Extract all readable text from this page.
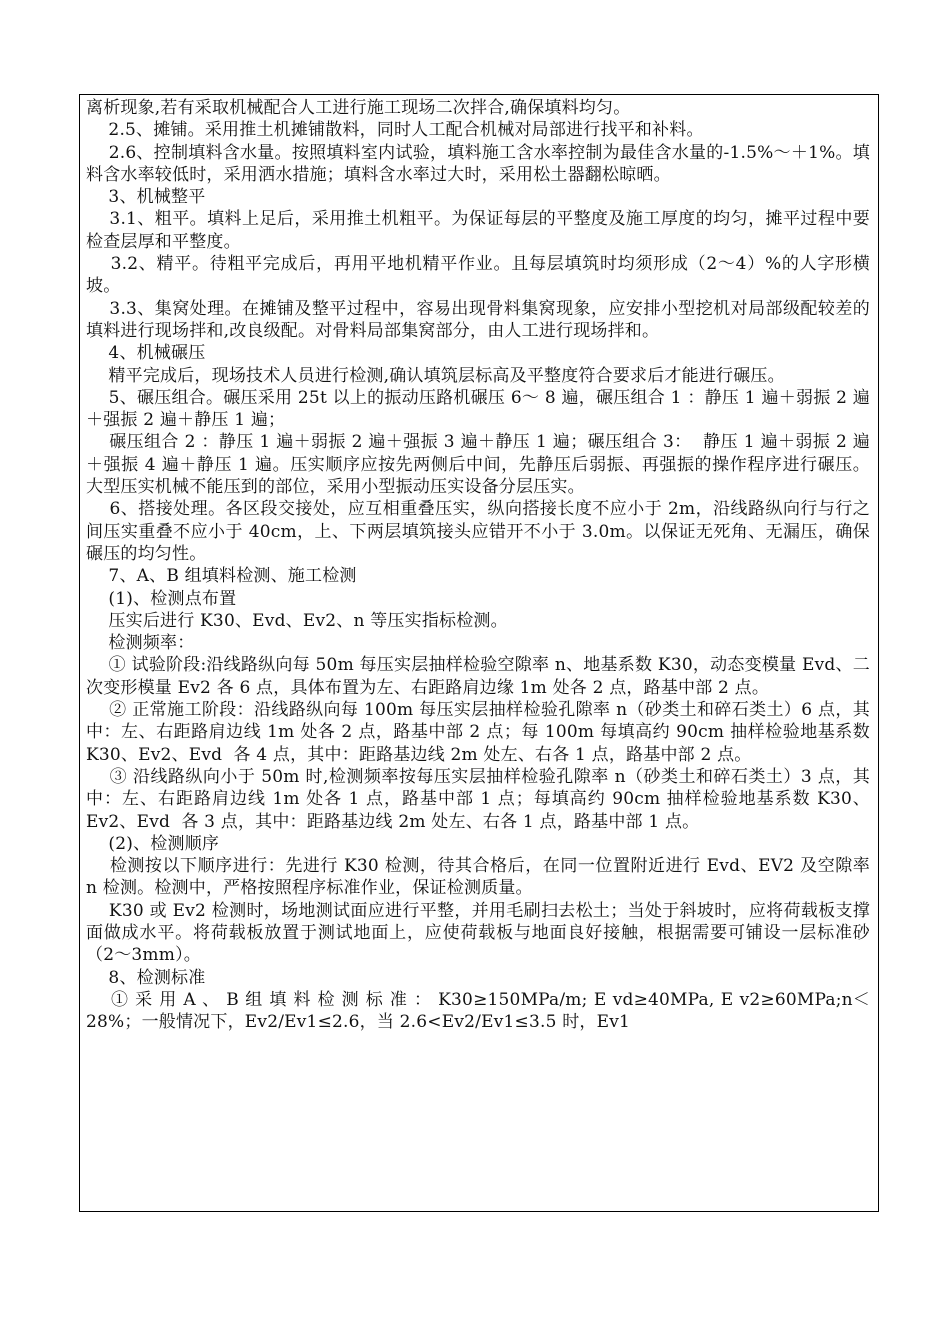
离析现象,若有采取机械配合人工进行施工现场二次拌合,确保填料均匀。

2.5、摊铺。采用推土机摊铺散料，同时人工配合机械对局部进行找平和补料。

2.6、控制填料含水量。按照填料室内试验，填料施工含水率控制为最佳含水量的-1.5%～＋1%。填料含水率较低时，采用洒水措施；填料含水率过大时，采用松土器翻松晾晒。

3、机械整平

3.1、粗平。填料上足后，采用推土机粗平。为保证每层的平整度及施工厚度的均匀，摊平过程中要检查层厚和平整度。

3.2、精平。待粗平完成后，再用平地机精平作业。且每层填筑时均须形成（2～4）%的人字形横坡。

3.3、集窝处理。在摊铺及整平过程中，容易出现骨料集窝现象，应安排小型挖机对局部级配较差的填料进行现场拌和,改良级配。对骨料局部集窝部分，由人工进行现场拌和。

4、机械碾压

精平完成后，现场技术人员进行检测,确认填筑层标高及平整度符合要求后才能进行碾压。

5、碾压组合。碾压采用 25t 以上的振动压路机碾压 6～ 8 遍，碾压组合 1 ：静压 1 遍＋弱振 2 遍＋强振 2 遍＋静压 1 遍；

碾压组合 2 ：静压 1 遍＋弱振 2 遍＋强振 3 遍＋静压 1 遍；碾压组合 3：  静压 1 遍＋弱振 2 遍＋强振 4 遍＋静压 1 遍。压实顺序应按先两侧后中间，先静压后弱振、再强振的操作程序进行碾压。大型压实机械不能压到的部位，采用小型振动压实设备分层压实。

6、搭接处理。各区段交接处，应互相重叠压实，纵向搭接长度不应小于 2m，沿线路纵向行与行之间压实重叠不应小于 40cm，上、下两层填筑接头应错开不小于 3.0m。以保证无死角、无漏压，确保碾压的均匀性。

7、A、B 组填料检测、施工检测

(1)、检测点布置

压实后进行 K30、Evd、Ev2、n 等压实指标检测。

检测频率：

① 试验阶段:沿线路纵向每 50m 每压实层抽样检验空隙率 n、地基系数 K30，动态变模量 Evd、二次变形模量 Ev2 各 6 点，具体布置为左、右距路肩边缘 1m 处各 2 点，路基中部 2 点。

② 正常施工阶段：沿线路纵向每 100m 每压实层抽样检验孔隙率 n（砂类土和碎石类土）6 点，其中：左、右距路肩边线 1m 处各 2 点，路基中部 2 点；每 100m 每填高约 90cm 抽样检验地基系数 K30、Ev2、Evd  各 4 点，其中：距路基边线 2m 处左、右各 1 点，路基中部 2 点。

③ 沿线路纵向小于 50m 时,检测频率按每压实层抽样检验孔隙率 n（砂类土和碎石类土）3 点，其中：左、右距路肩边线 1m 处各 1 点，路基中部 1 点；每填高约 90cm 抽样检验地基系数 K30、Ev2、Evd  各 3 点，其中：距路基边线 2m 处左、右各 1 点，路基中部 1 点。

(2)、检测顺序

检测按以下顺序进行：先进行 K30 检测，待其合格后，在同一位置附近进行 Evd、EV2 及空隙率 n 检测。检测中，严格按照程序标准作业，保证检测质量。

K30 或 Ev2 检测时，场地测试面应进行平整，并用毛刷扫去松土；当处于斜坡时，应将荷载板支撑面做成水平。将荷载板放置于测试地面上，应使荷载板与地面良好接触，根据需要可铺设一层标准砂（2～3mm）。

8、检测标准

① 采 用 A 、 B 组 填 料 检 测 标 准 ： K30≥150MPa/m; E vd≥40MPa, E v2≥60MPa;n＜28%；一般情况下，Ev2/Ev1≤2.6，当 2.6<Ev2/Ev1≤3.5 时，Ev1
